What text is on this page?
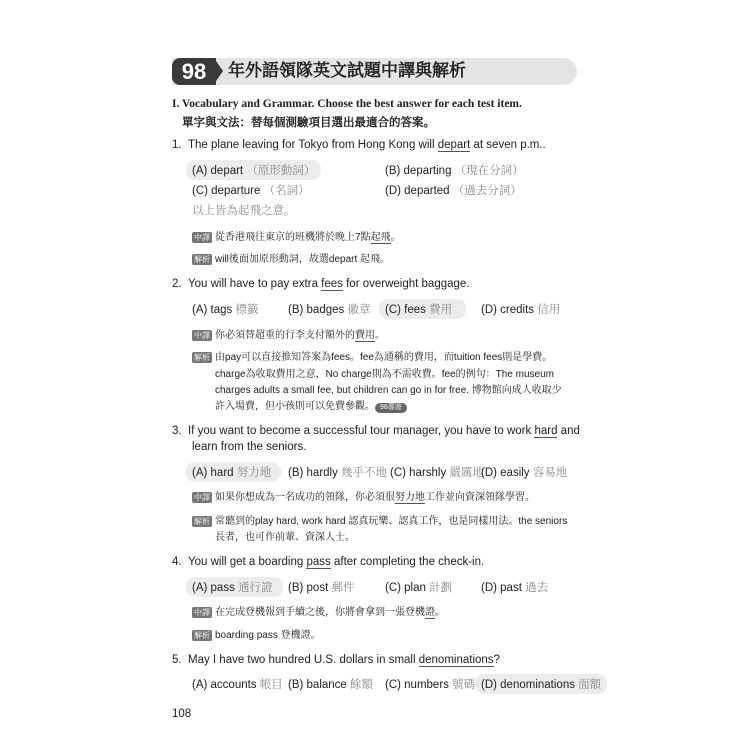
98	年外語領隊英文試題中譯與解析
I. Vocabulary and Grammar. Choose the best answer for each test item.
單字與文法：替每個測驗項目選出最適合的答案。
1. The plane leaving for Tokyo from Hong Kong will depart at seven p.m..
(A) depart （原形動詞）	(B) departing （現在分詞）
(C) departure （名詞）	(D) departed （過去分詞）
以上皆為起飛之意。
中譯 從香港飛往東京的班機將於晚上7點起飛。
解析 will後面加原形動詞，故選depart 起飛。
2. You will have to pay extra fees for overweight baggage.
(A) tags 標籤	(B) badges 徽章	(C) fees 費用	(D) credits 信用
中譯 你必須替超重的行李支付額外的費用。
解析 由pay可以直接推知答案為fees。fee為通稱的費用，而tuition fees則是學費。
charge為收取費用之意，No charge則為不需收費。fee的例句：The museum
charges adults a small fee, but children can go in for free. 博物館向成人收取少
許入場費，但小孩則可以免費參觀。 98導遊
3. If you want to become a successful tour manager, you have to work hard and
learn from the seniors.
(A) hard 努力地	(B) hardly 幾乎不地 (C) harshly 嚴厲地
(D) easily 容易地
中譯 如果你想成為一名成功的領隊，你必須很努力地工作並向資深領隊學習。
解析 常聽到的play hard, work hard 認真玩樂、認真工作，也是同樣用法。the seniors
長者，也可作前輩、資深人士。
4. You will get a boarding pass after completing the check-in.
(A) pass 通行證	(B) post 郵件	(C) plan 計劃	(D) past 過去
中譯 在完成登機報到手續之後，你將會拿到一張登機證。
解析 boarding pass 登機證。
5. May I have two hundred U.S. dollars in small denominations?
(A) accounts 帳目 (B) balance 餘額	(C) numbers 號碼 (D) denominations 面額
108
